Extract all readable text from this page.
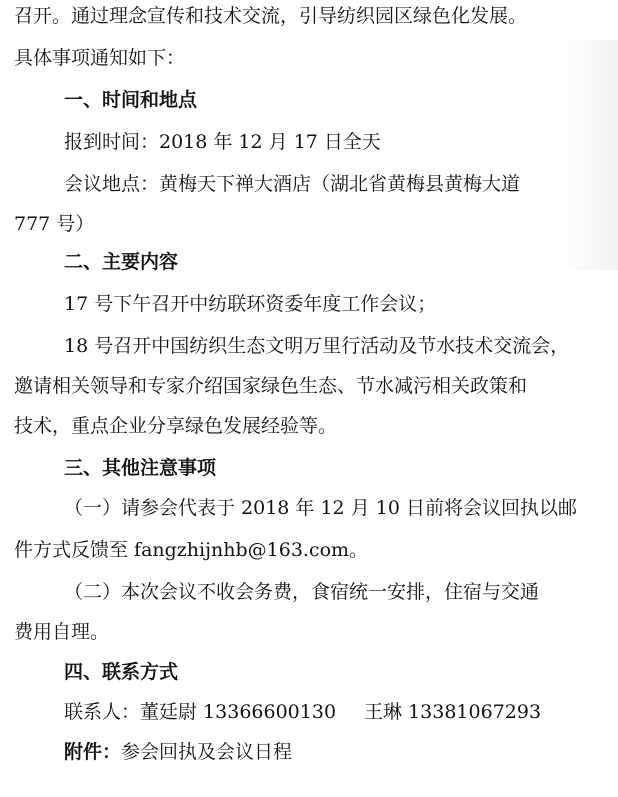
召开。通过理念宣传和技术交流，引导纺织园区绿色化发展。
具体事项通知如下：
一、时间和地点
报到时间：2018 年 12 月 17 日全天
会议地点：黄梅天下禅大酒店（湖北省黄梅县黄梅大道
777 号）
二、主要内容
17 号下午召开中纺联环资委年度工作会议；
18 号召开中国纺织生态文明万里行活动及节水技术交流会，
邀请相关领导和专家介绍国家绿色生态、节水减污相关政策和
技术，重点企业分享绿色发展经验等。
三、其他注意事项
（一）请参会代表于 2018 年 12 月 10 日前将会议回执以邮
件方式反馈至 fangzhijnhb@163.com。
（二）本次会议不收会务费，食宿统一安排，住宿与交通
费用自理。
四、联系方式
联系人：董廷尉 13366600130 王琳 13381067293
附件：参会回执及会议日程
